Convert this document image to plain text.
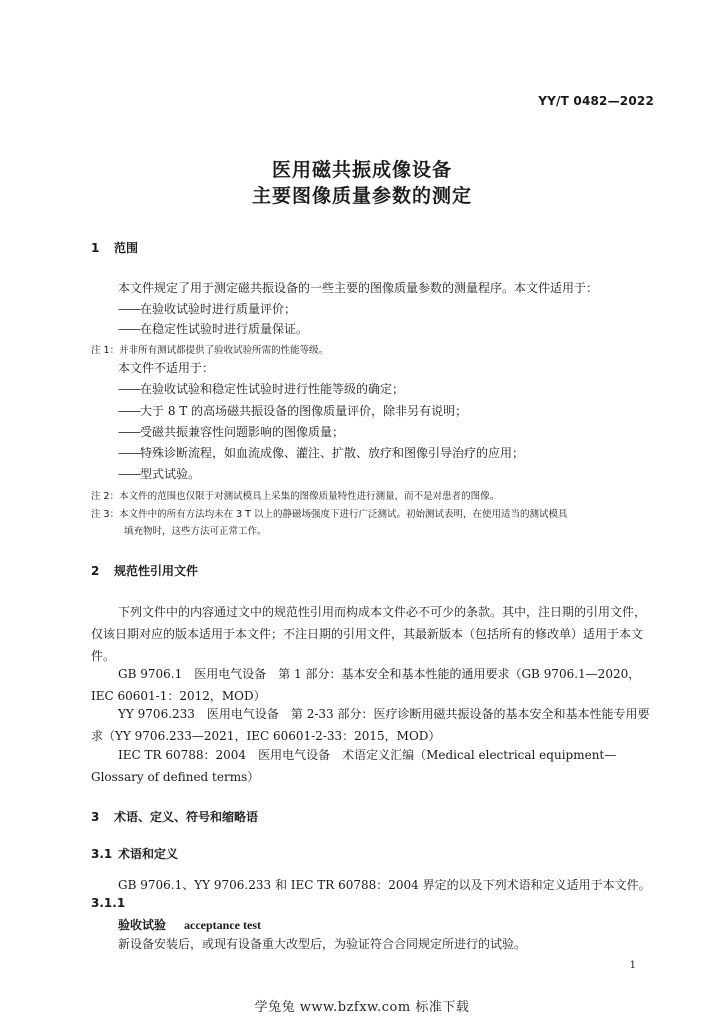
YY/T 0482—2022
医用磁共振成像设备
主要图像质量参数的测定
1 范围
本文件规定了用于测定磁共振设备的一些主要的图像质量参数的测量程序。本文件适用于：
——在验收试验时进行质量评价；
——在稳定性试验时进行质量保证。
注 1：并非所有测试都提供了验收试验所需的性能等级。
本文件不适用于：
——在验收试验和稳定性试验时进行性能等级的确定；
——大于 8 T 的高场磁共振设备的图像质量评价，除非另有说明；
——受磁共振兼容性问题影响的图像质量；
——特殊诊断流程，如血流成像、灌注、扩散、放疗和图像引导治疗的应用；
——型式试验。
注 2：本文件的范围也仅限于对测试模具上采集的图像质量特性进行测量，而不是对患者的图像。
注 3：本文件中的所有方法均未在 3 T 以上的静磁场强度下进行广泛测试。初始测试表明，在使用适当的测试模具
填充物时，这些方法可正常工作。
2 规范性引用文件
下列文件中的内容通过文中的规范性引用而构成本文件必不可少的条款。其中，注日期的引用文件，仅该日期对应的版本适用于本文件；不注日期的引用文件，其最新版本（包括所有的修改单）适用于本文件。
GB 9706.1　医用电气设备　第 1 部分：基本安全和基本性能的通用要求（GB 9706.1—2020，IEC 60601-1：2012，MOD）
YY 9706.233　医用电气设备　第 2-33 部分：医疗诊断用磁共振设备的基本安全和基本性能专用要求（YY 9706.233—2021，IEC 60601-2-33：2015，MOD）
IEC TR 60788：2004　医用电气设备　术语定义汇编（Medical electrical equipment—Glossary of defined terms）
3 术语、定义、符号和缩略语
3.1 术语和定义
GB 9706.1、YY 9706.233 和 IEC TR 60788：2004 界定的以及下列术语和定义适用于本文件。
3.1.1
验收试验 acceptance test
新设备安装后，或现有设备重大改型后，为验证符合合同规定所进行的试验。
1
学兔兔 www.bzfxw.com 标准下载
